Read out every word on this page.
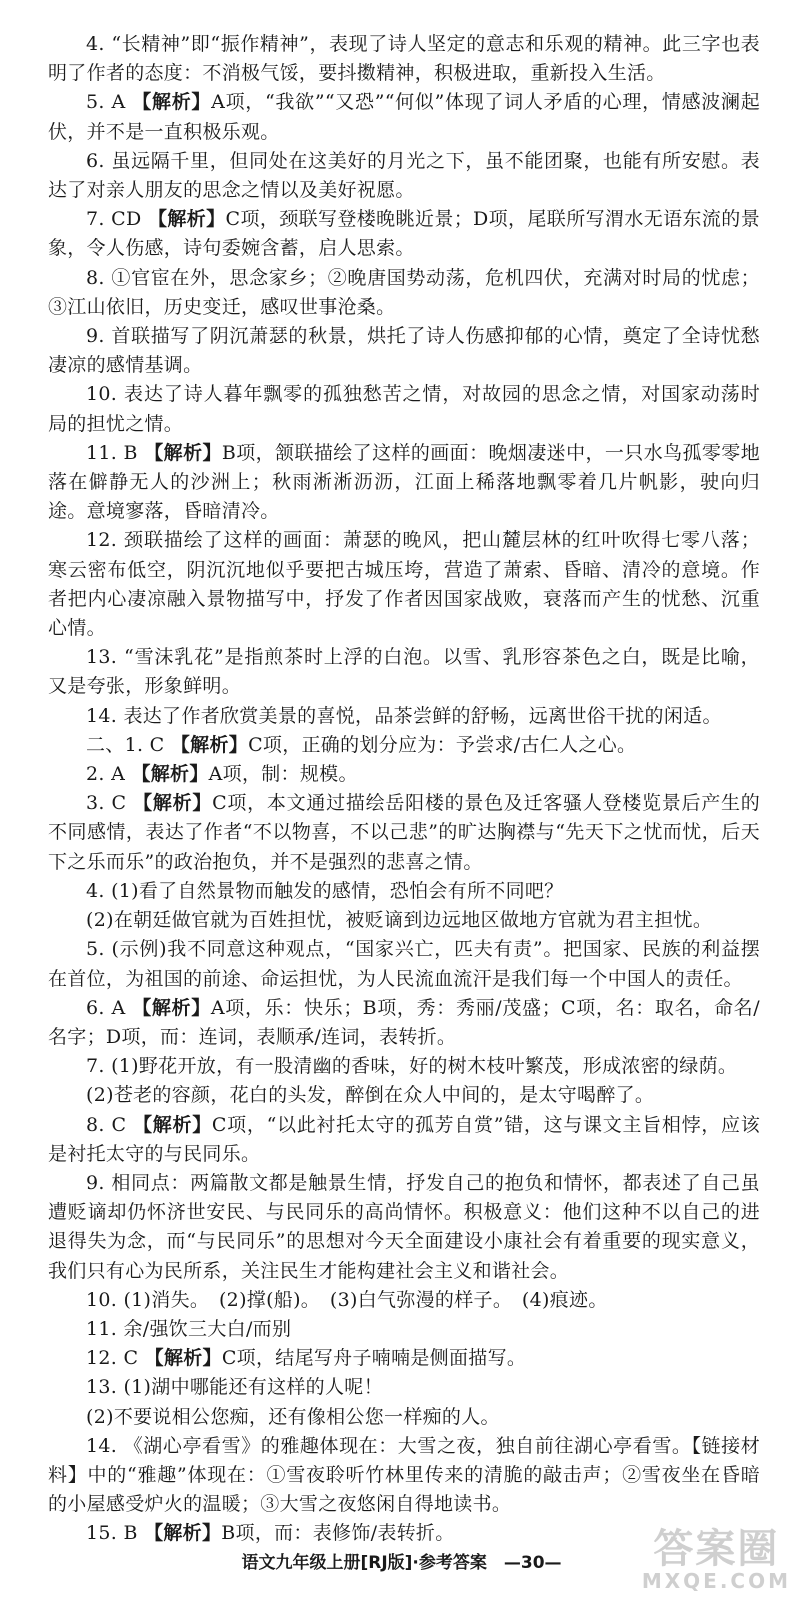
4. “长精神”即“振作精神”，表现了诗人坚定的意志和乐观的精神。此三字也表明了作者的态度：不消极气馁，要抖擞精神，积极进取，重新投入生活。

5. A 【解析】A项，“我欲”“又恐”“何似”体现了词人矛盾的心理，情感波澜起伏，并不是一直积极乐观。

6. 虽远隔千里，但同处在这美好的月光之下，虽不能团聚，也能有所安慰。表达了对亲人朋友的思念之情以及美好祝愿。

7. CD 【解析】C项，颈联写登楼晚眺近景；D项，尾联所写渭水无语东流的景象，令人伤感，诗句委婉含蓄，启人思索。

8. ①官宦在外，思念家乡；②晚唐国势动荡，危机四伏，充满对时局的忧虑；③江山依旧，历史变迁，感叹世事沧桑。

9. 首联描写了阴沉萧瑟的秋景，烘托了诗人伤感抑郁的心情，奠定了全诗忧愁凄凉的感情基调。

10. 表达了诗人暮年飘零的孤独愁苦之情，对故园的思念之情，对国家动荡时局的担忧之情。

11. B 【解析】B项，颔联描绘了这样的画面：晚烟凄迷中，一只水鸟孤零零地落在僻静无人的沙洲上；秋雨淅淅沥沥，江面上稀落地飘零着几片帆影，驶向归途。意境寥落，昏暗清冷。

12. 颈联描绘了这样的画面：萧瑟的晚风，把山麓层林的红叶吹得七零八落；寒云密布低空，阴沉沉地似乎要把古城压垮，营造了萧索、昏暗、清冷的意境。作者把内心凄凉融入景物描写中，抒发了作者因国家战败，衰落而产生的忧愁、沉重心情。

13. “雪沫乳花”是指煎茶时上浮的白泡。以雪、乳形容茶色之白，既是比喻，又是夸张，形象鲜明。

14. 表达了作者欣赏美景的喜悦，品茶尝鲜的舒畅，远离世俗干扰的闲适。

二、1. C 【解析】C项，正确的划分应为：予尝求/古仁人之心。

2. A 【解析】A项，制：规模。

3. C 【解析】C项，本文通过描绘岳阳楼的景色及迁客骚人登楼览景后产生的不同感情，表达了作者“不以物喜，不以己悲”的旷达胸襟与“先天下之忧而忧，后天下之乐而乐”的政治抱负，并不是强烈的悲喜之情。

4. (1)看了自然景物而触发的感情，恐怕会有所不同吧？

(2)在朝廷做官就为百姓担忧，被贬谪到边远地区做地方官就为君主担忧。

5. (示例)我不同意这种观点，“国家兴亡，匹夫有责”。把国家、民族的利益摆在首位，为祖国的前途、命运担忧，为人民流血流汗是我们每一个中国人的责任。

6. A 【解析】A项，乐：快乐；B项，秀：秀丽/茂盛；C项，名：取名，命名/名字；D项，而：连词，表顺承/连词，表转折。

7. (1)野花开放，有一股清幽的香味，好的树木枝叶繁茂，形成浓密的绿荫。

(2)苍老的容颜，花白的头发，醉倒在众人中间的，是太守喝醉了。

8. C 【解析】C项，“以此衬托太守的孤芳自赏”错，这与课文主旨相悖，应该是衬托太守的与民同乐。

9. 相同点：两篇散文都是触景生情，抒发自己的抱负和情怀，都表述了自己虽遭贬谪却仍怀济世安民、与民同乐的高尚情怀。积极意义：他们这种不以自己的进退得失为念，而“与民同乐”的思想对今天全面建设小康社会有着重要的现实意义，我们只有心为民所系，关注民生才能构建社会主义和谐社会。

10. (1)消失。　(2)撑(船)。　(3)白气弥漫的样子。　(4)痕迹。

11. 余/强饮三大白/而别

12. C 【解析】C项，结尾写舟子喃喃是侧面描写。

13. (1)湖中哪能还有这样的人呢！

(2)不要说相公您痴，还有像相公您一样痴的人。

14. 《湖心亭看雪》的雅趣体现在：大雪之夜，独自前往湖心亭看雪。【链接材料】中的“雅趣”体现在：①雪夜聆听竹林里传来的清脆的敲击声；②雪夜坐在昏暗的小屋感受炉火的温暖；③大雪之夜悠闲自得地读书。

15. B 【解析】B项，而：表修饰/表转折。

语文九年级上册[RJ版]·参考答案　—30—	答案圈
MXQE.COM
